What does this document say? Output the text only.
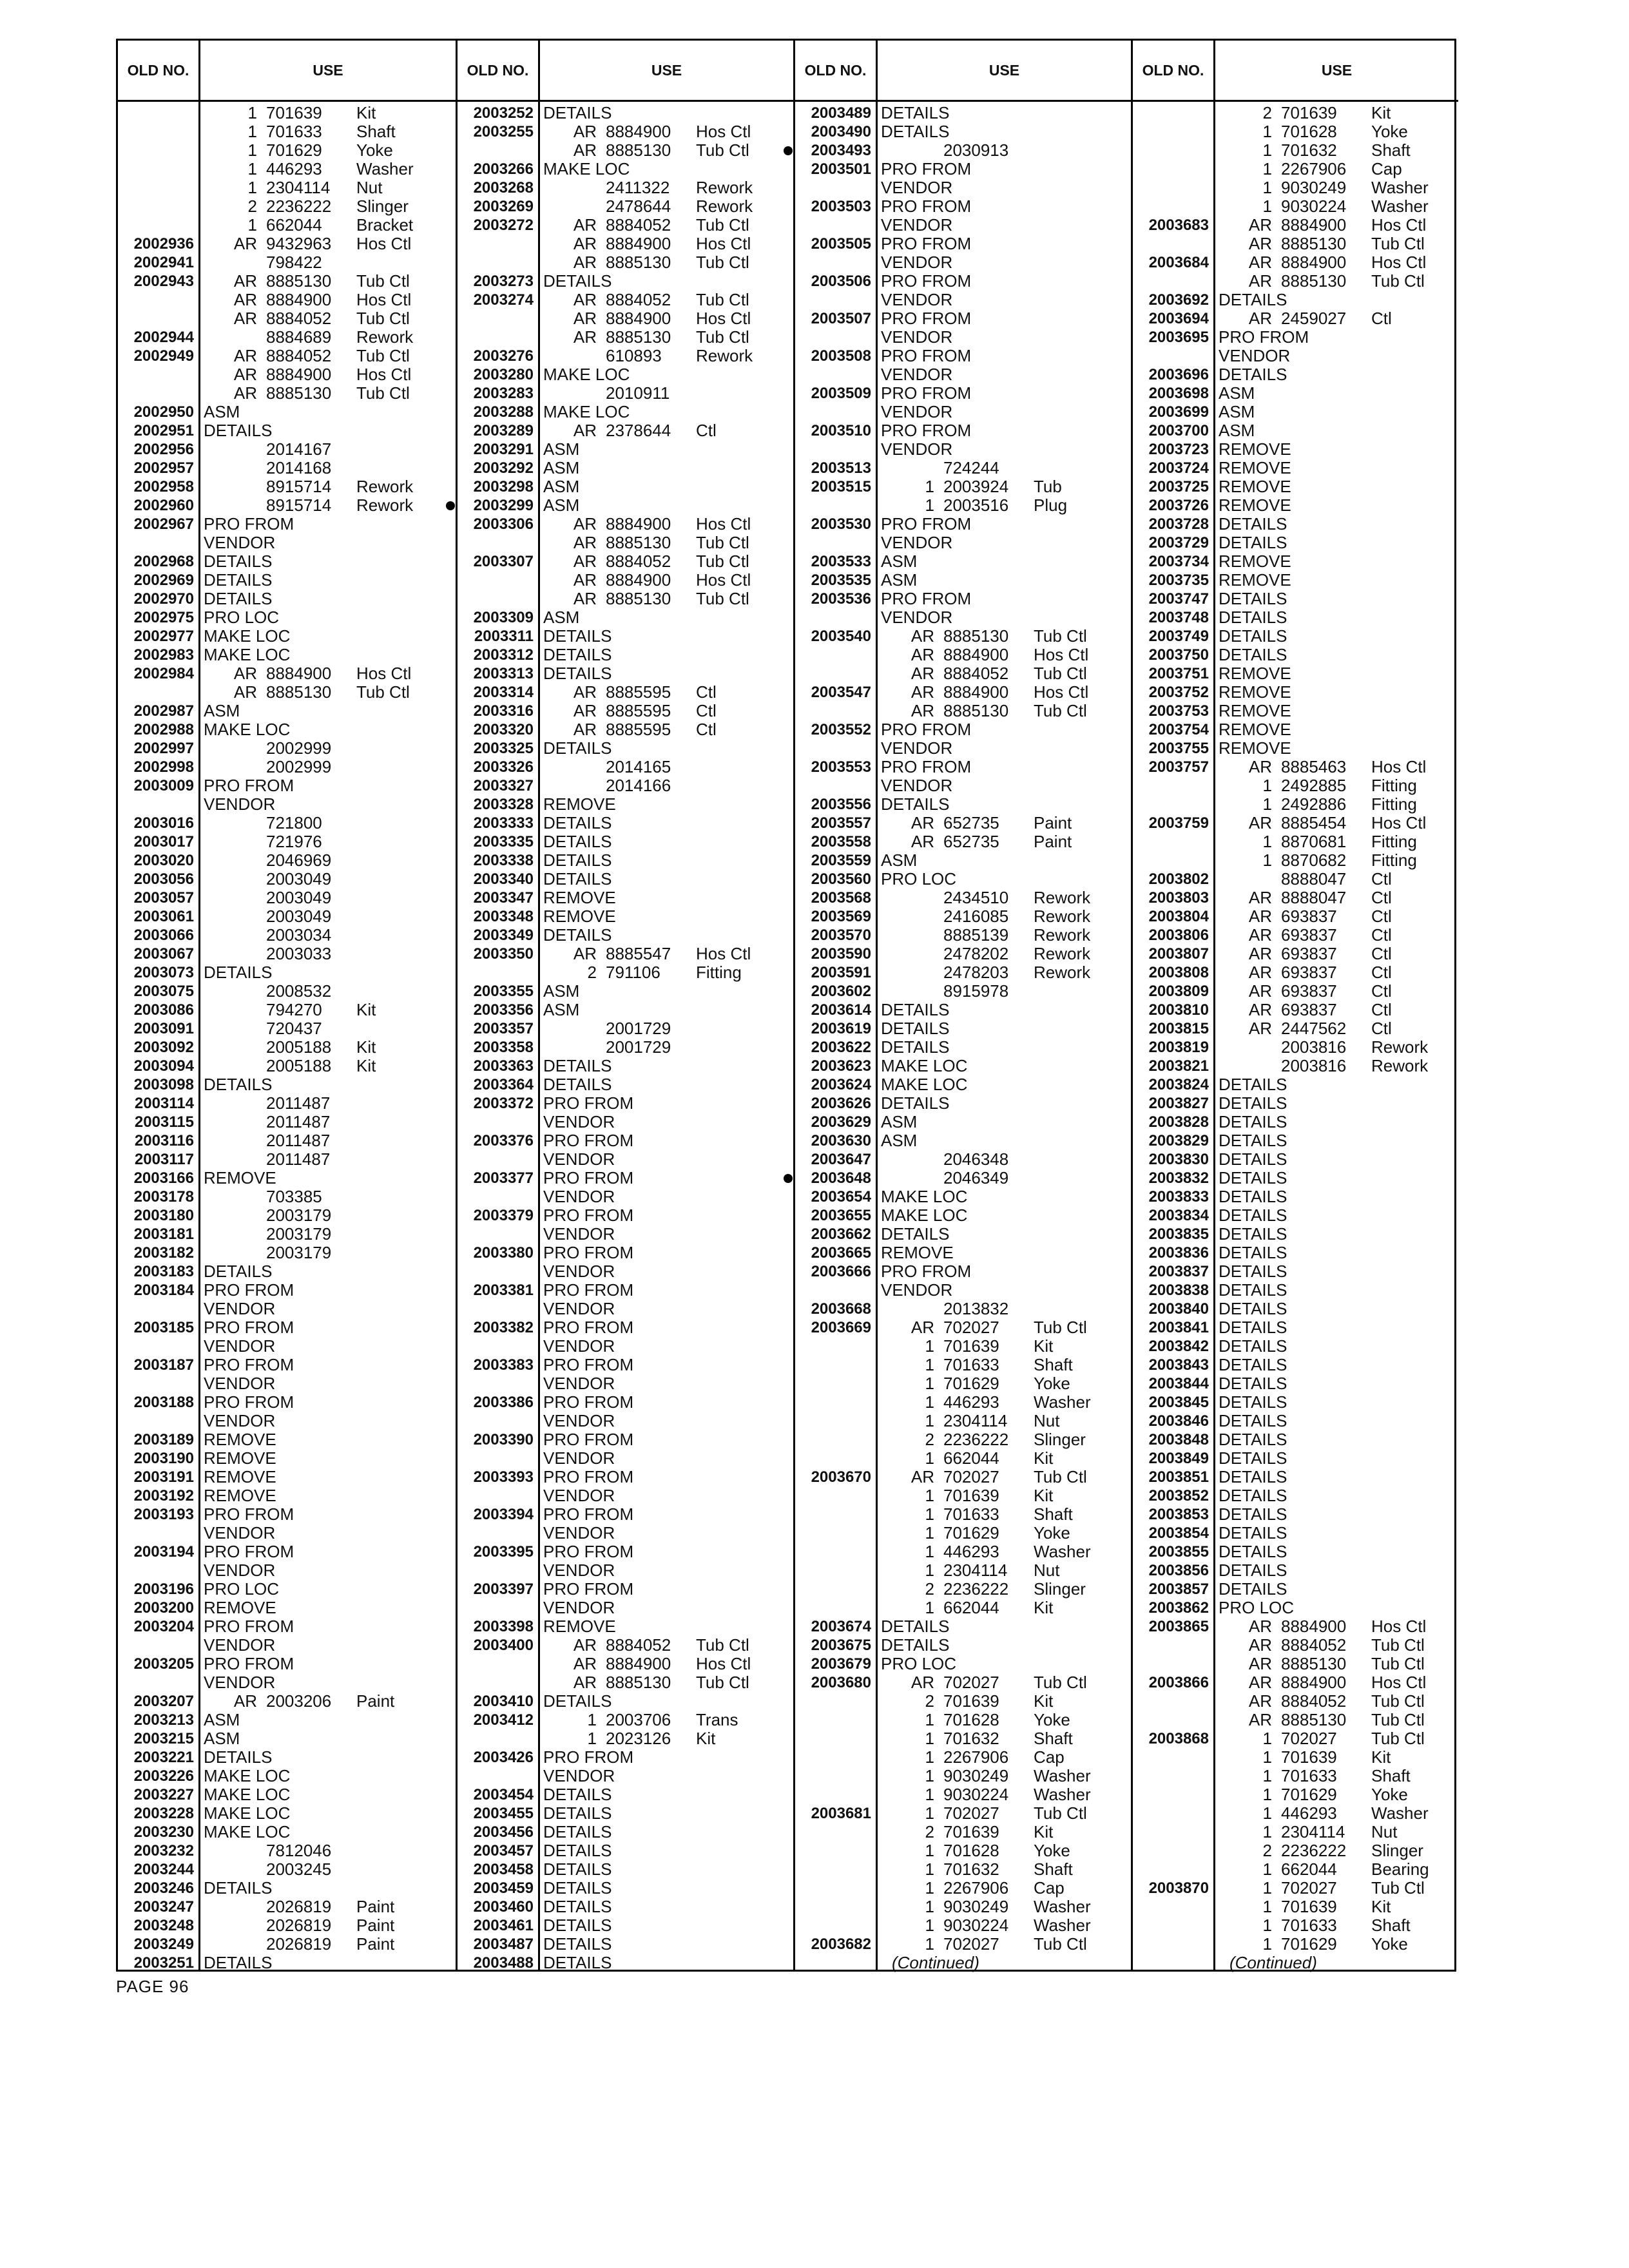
OLD NO.	USE
1 701639 Kit
1 701633 Shaft
1 701629 Yoke
1 446293 Washer
1 2304114 Nut
2 2236222 Slinger
1 662044 Bracket
2002936	AR 9432963 Hos Ctl
2002941	798422
2002943	AR 8885130 Tub Ctl
AR 8884900 Hos Ctl
AR 8884052 Tub Ctl
2002944	8884689 Rework
2002949	AR 8884052 Tub Ctl
AR 8884900 Hos Ctl
AR 8885130 Tub Ctl
2002950 ASM
2002951 DETAILS
2002956	2014167
2002957	2014168
2002958	8915714 Rework
2002960	8915714 Rework
2002967 PRO FROM
VENDOR
2002968 DETAILS
2002969 DETAILS
2002970 DETAILS
2002975 PRO LOC
2002977 MAKE LOC
2002983 MAKE LOC
2002984	AR 8884900 Hos Ctl
AR 8885130 Tub Ctl
2002987 ASM
2002988 MAKE LOC
2002997	2002999
2002998	2002999
2003009 PRO FROM
VENDOR
2003016	721800
2003017	721976
2003020	2046969
2003056	2003049
2003057	2003049
2003061	2003049
2003066	2003034
2003067	2003033
2003073 DETAILS
2003075	2008532
2003086	794270 Kit
2003091	720437
2003092	2005188 Kit
2003094	2005188 Kit
2003098 DETAILS
2003114	2011487
2003115	2011487
2003116	2011487
2003117	2011487
2003166 REMOVE
2003178	703385
2003180	2003179
2003181	2003179
2003182	2003179
2003183 DETAILS
2003184 PRO FROM
VENDOR
2003185 PRO FROM
VENDOR
2003187 PRO FROM
VENDOR
2003188 PRO FROM
VENDOR
2003189 REMOVE
2003190 REMOVE
2003191 REMOVE
2003192 REMOVE
2003193 PRO FROM
VENDOR
2003194 PRO FROM
VENDOR
2003196 PRO LOC
2003200 REMOVE
2003204 PRO FROM
VENDOR
2003205 PRO FROM
VENDOR
2003207	AR 2003206 Paint
2003213 ASM
2003215 ASM
2003221 DETAILS
2003226 MAKE LOC
2003227 MAKE LOC
2003228 MAKE LOC
2003230 MAKE LOC
2003232	7812046
2003244	2003245
2003246 DETAILS
2003247	2026819 Paint
2003248	2026819 Paint
2003249	2026819 Paint
2003251 DETAILS
OLD NO.	USE
2003252 DETAILS
2003255	AR 8884900 Hos Ctl
AR 8885130 Tub Ctl
2003266 MAKE LOC
2003268	2411322 Rework
2003269	2478644 Rework
2003272	AR 8884052 Tub Ctl
AR 8884900 Hos Ctl
AR 8885130 Tub Ctl
2003273 DETAILS
2003274	AR 8884052 Tub Ctl
AR 8884900 Hos Ctl
AR 8885130 Tub Ctl
2003276	610893 Rework
2003280 MAKE LOC
2003283	2010911
2003288 MAKE LOC
2003289	AR 2378644 Ctl
2003291 ASM
2003292 ASM
2003298 ASM
2003299 ASM
2003306	AR 8884900 Hos Ctl
AR 8885130 Tub Ctl
2003307	AR 8884052 Tub Ctl
AR 8884900 Hos Ctl
AR 8885130 Tub Ctl
2003309 ASM
2003311 DETAILS
2003312 DETAILS
2003313 DETAILS
2003314	AR 8885595 Ctl
2003316	AR 8885595 Ctl
2003320	AR 8885595 Ctl
2003325 DETAILS
2003326	2014165
2003327	2014166
2003328 REMOVE
2003333 DETAILS
2003335 DETAILS
2003338 DETAILS
2003340 DETAILS
2003347 REMOVE
2003348 REMOVE
2003349 DETAILS
2003350	AR 8885547 Hos Ctl
2 791106 Fitting
2003355 ASM
2003356 ASM
2003357	2001729
2003358	2001729
2003363 DETAILS
2003364 DETAILS
2003372 PRO FROM
VENDOR
2003376 PRO FROM
VENDOR
2003377 PRO FROM
VENDOR
2003379 PRO FROM
VENDOR
2003380 PRO FROM
VENDOR
2003381 PRO FROM
VENDOR
2003382 PRO FROM
VENDOR
2003383 PRO FROM
VENDOR
2003386 PRO FROM
VENDOR
2003390 PRO FROM
VENDOR
2003393 PRO FROM
VENDOR
2003394 PRO FROM
VENDOR
2003395 PRO FROM
VENDOR
2003397 PRO FROM
VENDOR
2003398 REMOVE
2003400	AR 8884052 Tub Ctl
AR 8884900 Hos Ctl
AR 8885130 Tub Ctl
2003410 DETAILS
2003412	1 2003706 Trans
1 2023126 Kit
2003426 PRO FROM
VENDOR
2003454 DETAILS
2003455 DETAILS
2003456 DETAILS
2003457 DETAILS
2003458 DETAILS
2003459 DETAILS
2003460 DETAILS
2003461 DETAILS
2003487 DETAILS
2003488 DETAILS
OLD NO.	USE
2003489 DETAILS
2003490 DETAILS
2003493	2030913
2003501 PRO FROM
VENDOR
2003503 PRO FROM
VENDOR
2003505 PRO FROM
VENDOR
2003506 PRO FROM
VENDOR
2003507 PRO FROM
VENDOR
2003508 PRO FROM
VENDOR
2003509 PRO FROM
VENDOR
2003510 PRO FROM
VENDOR
2003513	724244
2003515	1 2003924 Tub
1 2003516 Plug
2003530 PRO FROM
VENDOR
2003533 ASM
2003535 ASM
2003536 PRO FROM
VENDOR
2003540	AR 8885130 Tub Ctl
AR 8884900 Hos Ctl
AR 8884052 Tub Ctl
2003547	AR 8884900 Hos Ctl
AR 8885130 Tub Ctl
2003552 PRO FROM
VENDOR
2003553 PRO FROM
VENDOR
2003556 DETAILS
2003557	AR 652735 Paint
2003558	AR 652735 Paint
2003559 ASM
2003560 PRO LOC
2003568	2434510 Rework
2003569	2416085 Rework
2003570	8885139 Rework
2003590	2478202 Rework
2003591	2478203 Rework
2003602	8915978
2003614 DETAILS
2003619 DETAILS
2003622 DETAILS
2003623 MAKE LOC
2003624 MAKE LOC
2003626 DETAILS
2003629 ASM
2003630 ASM
2003647	2046348
2003648	2046349
2003654 MAKE LOC
2003655 MAKE LOC
2003662 DETAILS
2003665 REMOVE
2003666 PRO FROM
VENDOR
2003668	2013832
2003669	AR 702027 Tub Ctl
1 701639 Kit
1 701633 Shaft
1 701629 Yoke
1 446293 Washer
1 2304114 Nut
2 2236222 Slinger
1 662044 Kit
2003670	AR 702027 Tub Ctl
1 701639 Kit
1 701633 Shaft
1 701629 Yoke
1 446293 Washer
1 2304114 Nut
2 2236222 Slinger
1 662044 Kit
2003674 DETAILS
2003675 DETAILS
2003679 PRO LOC
2003680	AR 702027 Tub Ctl
2 701639 Kit
1 701628 Yoke
1 701632 Shaft
1 2267906 Cap
1 9030249 Washer
1 9030224 Washer
2003681	1 702027 Tub Ctl
2 701639 Kit
1 701628 Yoke
1 701632 Shaft
1 2267906 Cap
1 9030249 Washer
1 9030224 Washer
2003682	1 702027 Tub Ctl
(Continued)
OLD NO.	USE
2 701639 Kit
1 701628 Yoke
1 701632 Shaft
1 2267906 Cap
1 9030249 Washer
1 9030224 Washer
2003683	AR 8884900 Hos Ctl
AR 8885130 Tub Ctl
2003684	AR 8884900 Hos Ctl
AR 8885130 Tub Ctl
2003692 DETAILS
2003694	AR 2459027 Ctl
2003695 PRO FROM
VENDOR
2003696 DETAILS
2003698 ASM
2003699 ASM
2003700 ASM
2003723 REMOVE
2003724 REMOVE
2003725 REMOVE
2003726 REMOVE
2003728 DETAILS
2003729 DETAILS
2003734 REMOVE
2003735 REMOVE
2003747 DETAILS
2003748 DETAILS
2003749 DETAILS
2003750 DETAILS
2003751 REMOVE
2003752 REMOVE
2003753 REMOVE
2003754 REMOVE
2003755 REMOVE
2003757	AR 8885463 Hos Ctl
1 2492885 Fitting
1 2492886 Fitting
2003759	AR 8885454 Hos Ctl
1 8870681 Fitting
1 8870682 Fitting
2003802	8888047 Ctl
2003803	AR 8888047 Ctl
2003804	AR 693837 Ctl
2003806	AR 693837 Ctl
2003807	AR 693837 Ctl
2003808	AR 693837 Ctl
2003809	AR 693837 Ctl
2003810	AR 693837 Ctl
2003815	AR 2447562 Ctl
2003819	2003816 Rework
2003821	2003816 Rework
2003824 DETAILS
2003827 DETAILS
2003828 DETAILS
2003829 DETAILS
2003830 DETAILS
2003832 DETAILS
2003833 DETAILS
2003834 DETAILS
2003835 DETAILS
2003836 DETAILS
2003837 DETAILS
2003838 DETAILS
2003840 DETAILS
2003841 DETAILS
2003842 DETAILS
2003843 DETAILS
2003844 DETAILS
2003845 DETAILS
2003846 DETAILS
2003848 DETAILS
2003849 DETAILS
2003851 DETAILS
2003852 DETAILS
2003853 DETAILS
2003854 DETAILS
2003855 DETAILS
2003856 DETAILS
2003857 DETAILS
2003862 PRO LOC
2003865	AR 8884900 Hos Ctl
AR 8884052 Tub Ctl
AR 8885130 Tub Ctl
2003866	AR 8884900 Hos Ctl
AR 8884052 Tub Ctl
AR 8885130 Tub Ctl
2003868	1 702027 Tub Ctl
1 701639 Kit
1 701633 Shaft
1 701629 Yoke
1 446293 Washer
1 2304114 Nut
2 2236222 Slinger
1 662044 Bearing
2003870	1 702027 Tub Ctl
1 701639 Kit
1 701633 Shaft
1 701629 Yoke
(Continued)
PAGE 96
